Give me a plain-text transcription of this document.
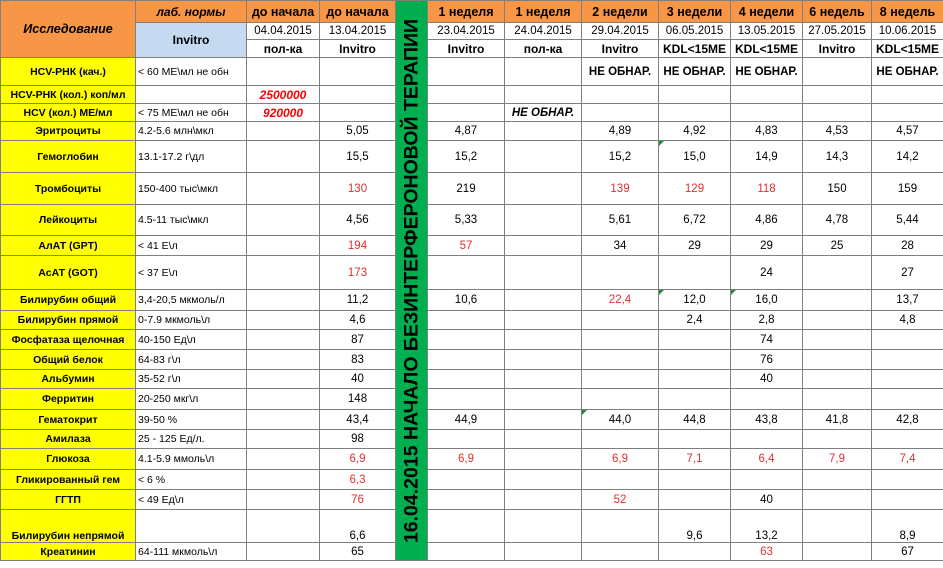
Исследование	лаб. нормы	до начала	до начала	16.04.2015 НАЧАЛО БЕЗИНТЕРФЕРОНОВОЙ ТЕРАПИИ	1 неделя	1 неделя	2 недели	3 недели	4 недели	6 недель	8 недель
	Invitro	04.04.2015	13.04.2015		23.04.2015	24.04.2015	29.04.2015	06.05.2015	13.05.2015	27.05.2015	10.06.2015
		пол-ка	Invitro		Invitro	пол-ка	Invitro	KDL<15МЕ	KDL<15МЕ	Invitro	KDL<15МЕ
HCV-РНК (кач.)	< 60 МЕ\мл не обн						НЕ ОБНАР.	НЕ ОБНАР.	НЕ ОБНАР.		НЕ ОБНАР.
HCV-РНК (кол.) коп/мл		2500000									
HCV (кол.) МЕ/мл	< 75 МЕ\мл не обн	920000				НЕ ОБНАР.					
Эритроциты	4.2-5.6 млн\мкл		5,05		4,87		4,89	4,92	4,83	4,53	4,57
Гемоглобин	13.1-17.2 г\дл		15,5		15,2		15,2	15,0	14,9	14,3	14,2
Тромбоциты	150-400 тыс\мкл		130		219		139	129	118	150	159
Лейкоциты	4.5-11 тыс\мкл		4,56		5,33		5,61	6,72	4,86	4,78	5,44
АлАТ (GPT)	< 41 Е\л		194		57		34	29	29	25	28
АсАТ (GOT)	< 37 Е\л		173						24		27
Билирубин общий	3,4-20,5 мкмоль/л		11,2		10,6		22,4	12,0	16,0		13,7
Билирубин прямой	0-7.9 мкмоль\л		4,6					2,4	2,8		4,8
Фосфатаза щелочная	40-150 Ед\л		87						74		
Общий белок	64-83 г\л		83						76		
Альбумин	35-52 г\л		40						40		
Ферритин	20-250 мкг\л		148								
Гематокрит	39-50 %		43,4		44,9		44,0	44,8	43,8	41,8	42,8
Амилаза	25 - 125 Ед/л.		98								
Глюкоза	4.1-5.9 ммоль\л		6,9		6,9		6,9	7,1	6,4	7,9	7,4
Гликированный гем	< 6 %		6,3								
ГГТП	< 49 Ед\л		76				52		40		
Билирубин непрямой			6,6					9,6	13,2		8,9
Креатинин	64-111 мкмоль\л		65						63		67
